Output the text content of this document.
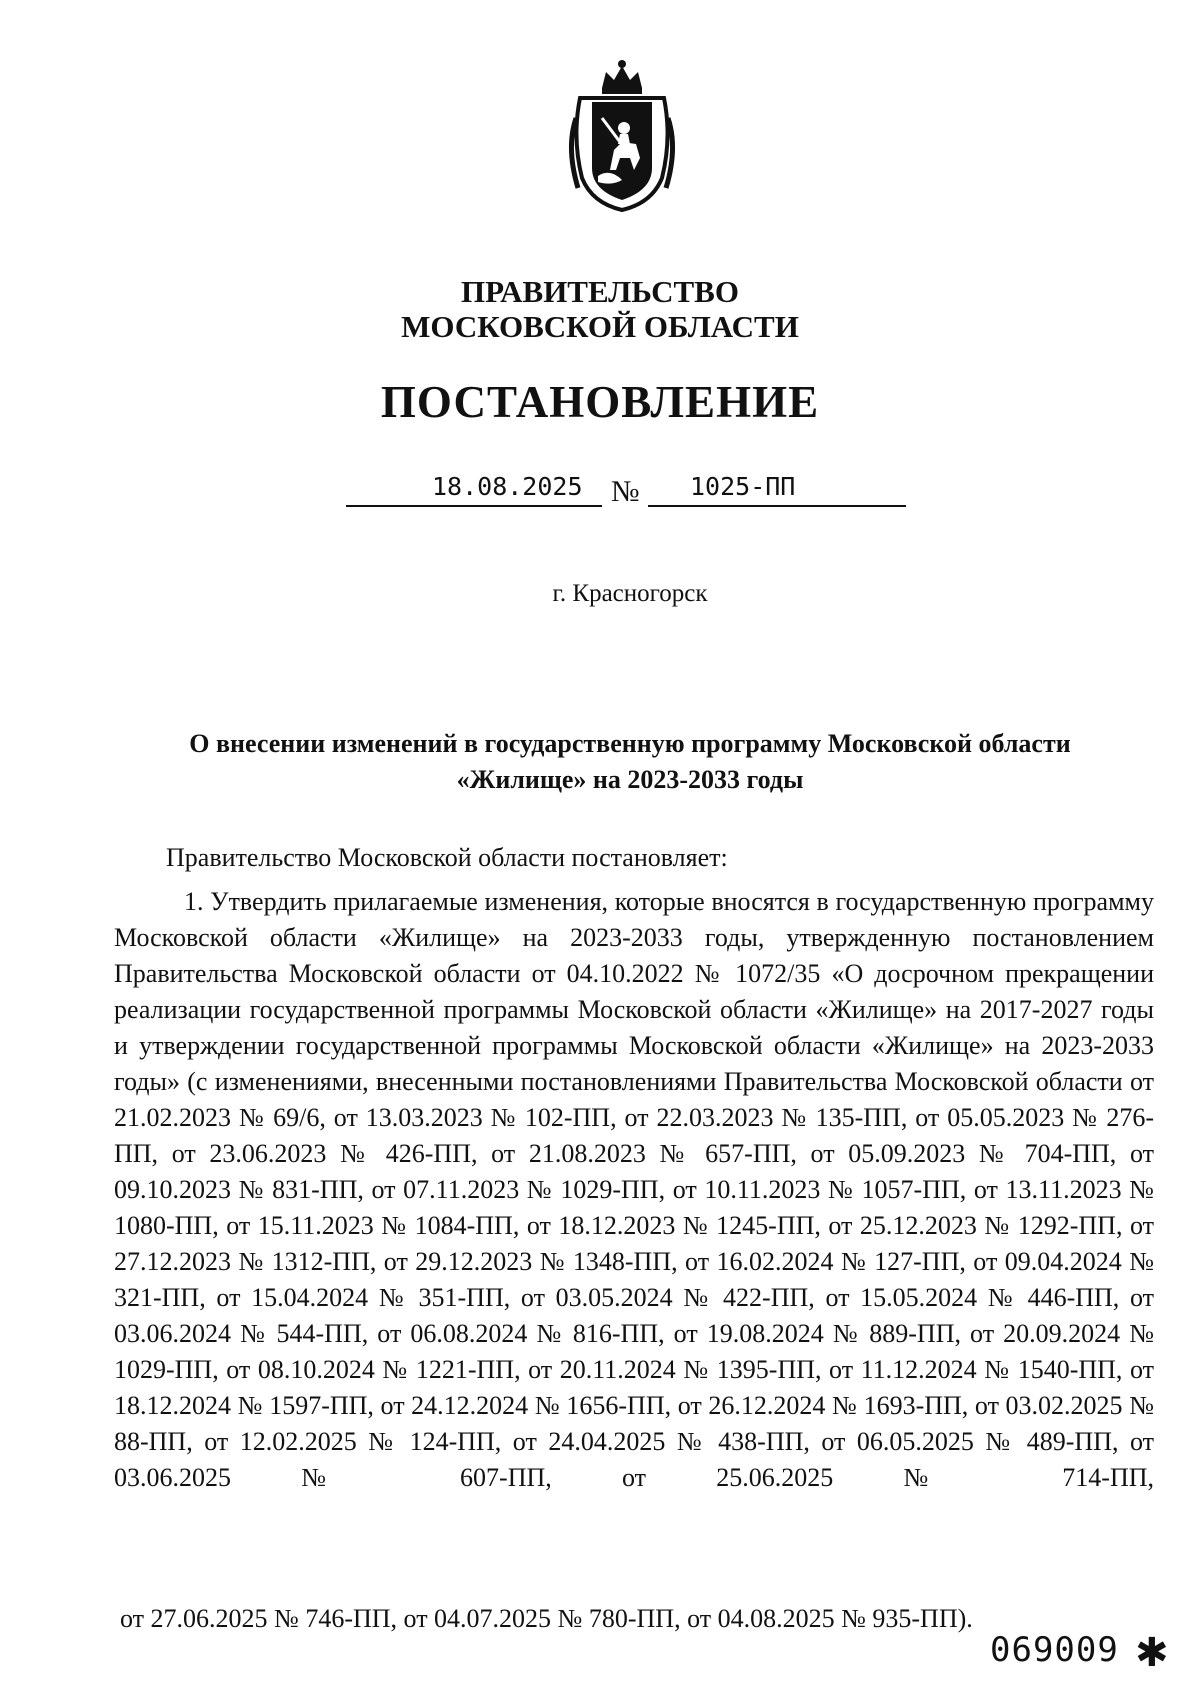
ПРАВИТЕЛЬСТВО
МОСКОВСКОЙ ОБЛАСТИ
ПОСТАНОВЛЕНИЕ
18.08.2025 № 1025-ПП
г. Красногорск
О внесении изменений в государственную программу Московской области
«Жилище» на 2023-2033 годы
Правительство Московской области постановляет:
1. Утвердить прилагаемые изменения, которые вносятся в государственную программу Московской области «Жилище» на 2023-2033 годы, утвержденную постановлением Правительства Московской области от 04.10.2022 № 1072/35 «О досрочном прекращении реализации государственной программы Московской области «Жилище» на 2017-2027 годы и утверждении государственной программы Московской области «Жилище» на 2023-2033 годы» (с изменениями, внесенными постановлениями Правительства Московской области от 21.02.2023 № 69/6, от 13.03.2023 № 102-ПП, от 22.03.2023 № 135-ПП, от 05.05.2023 № 276-ПП, от 23.06.2023 № 426-ПП, от 21.08.2023 № 657-ПП, от 05.09.2023 № 704-ПП, от 09.10.2023 № 831-ПП, от 07.11.2023 № 1029-ПП, от 10.11.2023 № 1057-ПП, от 13.11.2023 № 1080-ПП, от 15.11.2023 № 1084-ПП, от 18.12.2023 № 1245-ПП, от 25.12.2023 № 1292-ПП, от 27.12.2023 № 1312-ПП, от 29.12.2023 № 1348-ПП, от 16.02.2024 № 127-ПП, от 09.04.2024 № 321-ПП, от 15.04.2024 № 351-ПП, от 03.05.2024 № 422-ПП, от 15.05.2024 № 446-ПП, от 03.06.2024 № 544-ПП, от 06.08.2024 № 816-ПП, от 19.08.2024 № 889-ПП, от 20.09.2024 № 1029-ПП, от 08.10.2024 № 1221-ПП, от 20.11.2024 № 1395-ПП, от 11.12.2024 № 1540-ПП, от 18.12.2024 № 1597-ПП, от 24.12.2024 № 1656-ПП, от 26.12.2024 № 1693-ПП, от 03.02.2025 № 88-ПП, от 12.02.2025 № 124-ПП, от 24.04.2025 № 438-ПП, от 06.05.2025 № 489-ПП, от 03.06.2025 № 607-ПП, от 25.06.2025 № 714-ПП,
от 27.06.2025 № 746-ПП, от 04.07.2025 № 780-ПП, от 04.08.2025 № 935-ПП).
069009 ✱
